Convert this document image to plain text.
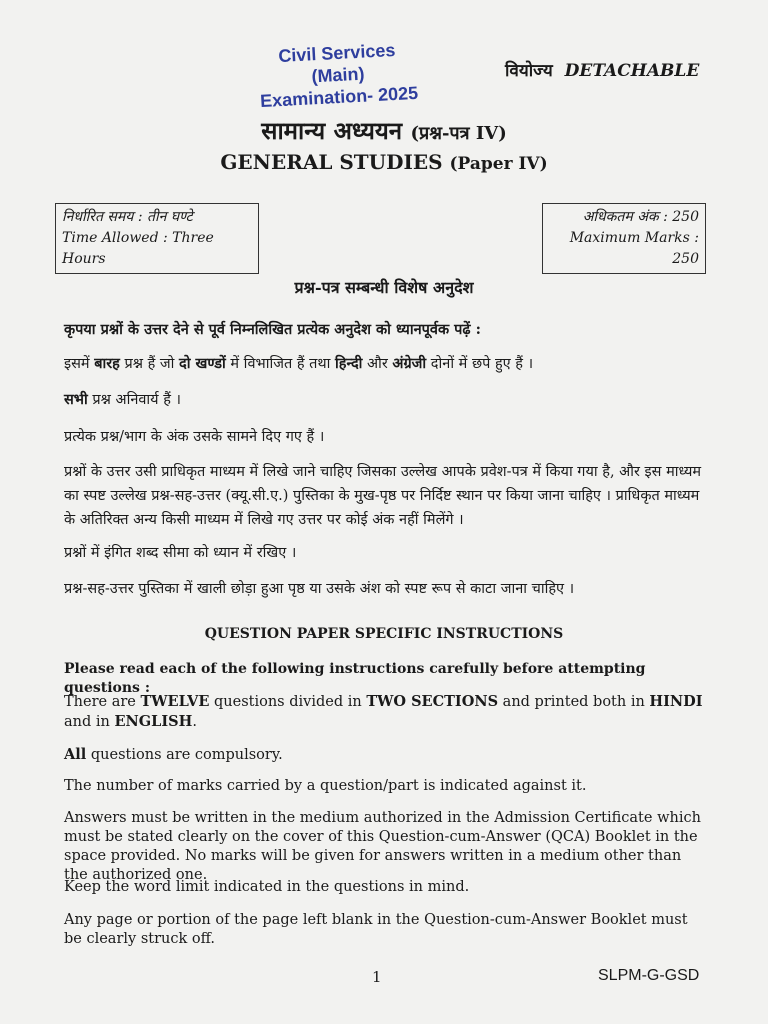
Civil Services (Main)
Examination- 2025
वियोज्य DETACHABLE
सामान्य अध्ययन (प्रश्न-पत्र IV)
GENERAL STUDIES (Paper IV)
निर्धारित समय : तीन घण्टे
Time Allowed : Three Hours
अधिकतम अंक : 250
Maximum Marks : 250
प्रश्न-पत्र सम्बन्धी विशेष अनुदेश
कृपया प्रश्नों के उत्तर देने से पूर्व निम्नलिखित प्रत्येक अनुदेश को ध्यानपूर्वक पढ़ें :
इसमें बारह प्रश्न हैं जो दो खण्डों में विभाजित हैं तथा हिन्दी और अंग्रेजी दोनों में छपे हुए हैं ।
सभी प्रश्न अनिवार्य हैं ।
प्रत्येक प्रश्न/भाग के अंक उसके सामने दिए गए हैं ।
प्रश्नों के उत्तर उसी प्राधिकृत माध्यम में लिखे जाने चाहिए जिसका उल्लेख आपके प्रवेश-पत्र में किया गया है, और इस माध्यम का स्पष्ट उल्लेख प्रश्न-सह-उत्तर (क्यू.सी.ए.) पुस्तिका के मुख-पृष्ठ पर निर्दिष्ट स्थान पर किया जाना चाहिए । प्राधिकृत माध्यम के अतिरिक्त अन्य किसी माध्यम में लिखे गए उत्तर पर कोई अंक नहीं मिलेंगे ।
प्रश्नों में इंगित शब्द सीमा को ध्यान में रखिए ।
प्रश्न-सह-उत्तर पुस्तिका में खाली छोड़ा हुआ पृष्ठ या उसके अंश को स्पष्ट रूप से काटा जाना चाहिए ।
QUESTION PAPER SPECIFIC INSTRUCTIONS
Please read each of the following instructions carefully before attempting questions :
There are TWELVE questions divided in TWO SECTIONS and printed both in HINDI and in ENGLISH.
All questions are compulsory.
The number of marks carried by a question/part is indicated against it.
Answers must be written in the medium authorized in the Admission Certificate which must be stated clearly on the cover of this Question-cum-Answer (QCA) Booklet in the space provided. No marks will be given for answers written in a medium other than the authorized one.
Keep the word limit indicated in the questions in mind.
Any page or portion of the page left blank in the Question-cum-Answer Booklet must be clearly struck off.
1	SLPM-G-GSD
